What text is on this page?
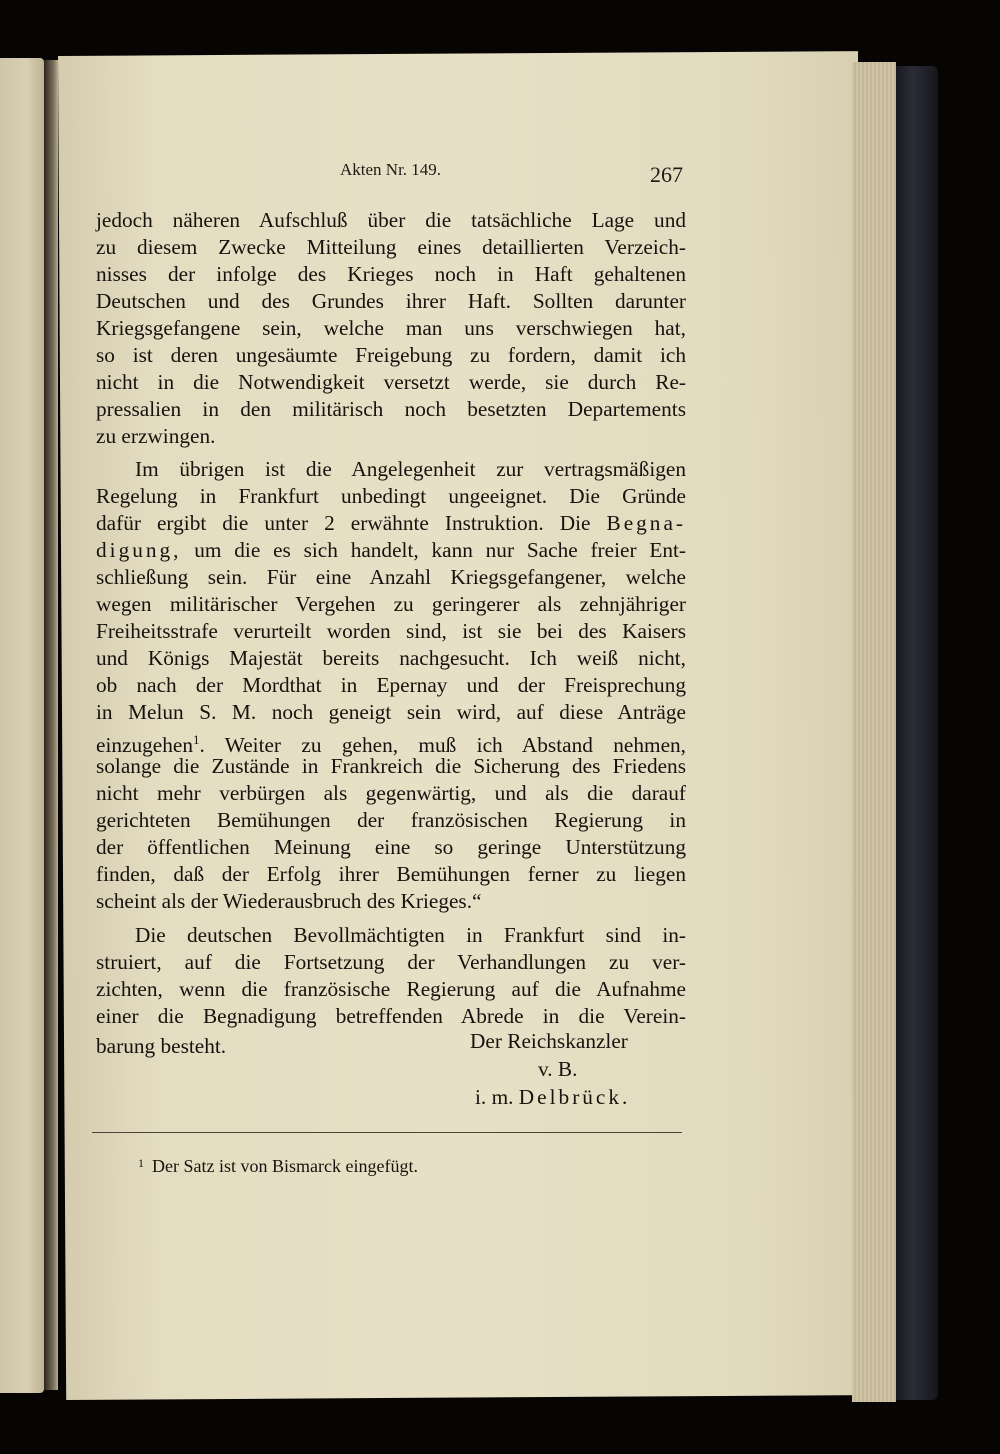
Akten Nr. 149.	267
jedoch näheren Aufschluß über die tatsächliche Lage und
zu diesem Zwecke Mitteilung eines detaillierten Verzeich-
nisses der infolge des Krieges noch in Haft gehaltenen
Deutschen und des Grundes ihrer Haft. Sollten darunter
Kriegsgefangene sein, welche man uns verschwiegen hat,
so ist deren ungesäumte Freigebung zu fordern, damit ich
nicht in die Notwendigkeit versetzt werde, sie durch Re-
pressalien in den militärisch noch besetzten Departements
zu erzwingen.
Im übrigen ist die Angelegenheit zur vertragsmäßigen
Regelung in Frankfurt unbedingt ungeeignet. Die Gründe
dafür ergibt die unter 2 erwähnte Instruktion. Die Begna-
digung, um die es sich handelt, kann nur Sache freier Ent-
schließung sein. Für eine Anzahl Kriegsgefangener, welche
wegen militärischer Vergehen zu geringerer als zehnjähriger
Freiheitsstrafe verurteilt worden sind, ist sie bei des Kaisers
und Königs Majestät bereits nachgesucht. Ich weiß nicht,
ob nach der Mordthat in Epernay und der Freisprechung
in Melun S. M. noch geneigt sein wird, auf diese Anträge
einzugehen$^1$. Weiter zu gehen, muß ich Abstand nehmen,
solange die Zustände in Frankreich die Sicherung des Friedens
nicht mehr verbürgen als gegenwärtig, und als die darauf
gerichteten Bemühungen der französischen Regierung in
der öffentlichen Meinung eine so geringe Unterstützung
finden, daß der Erfolg ihrer Bemühungen ferner zu liegen
scheint als der Wiederausbruch des Krieges.“
Die deutschen Bevollmächtigten in Frankfurt sind in-
struiert, auf die Fortsetzung der Verhandlungen zu ver-
zichten, wenn die französische Regierung auf die Aufnahme
einer die Begnadigung betreffenden Abrede in die Verein-
barung besteht.	Der Reichskanzler
v. B.
i. m. Delbrück.
$^1$ Der Satz ist von Bismarck eingefügt.
